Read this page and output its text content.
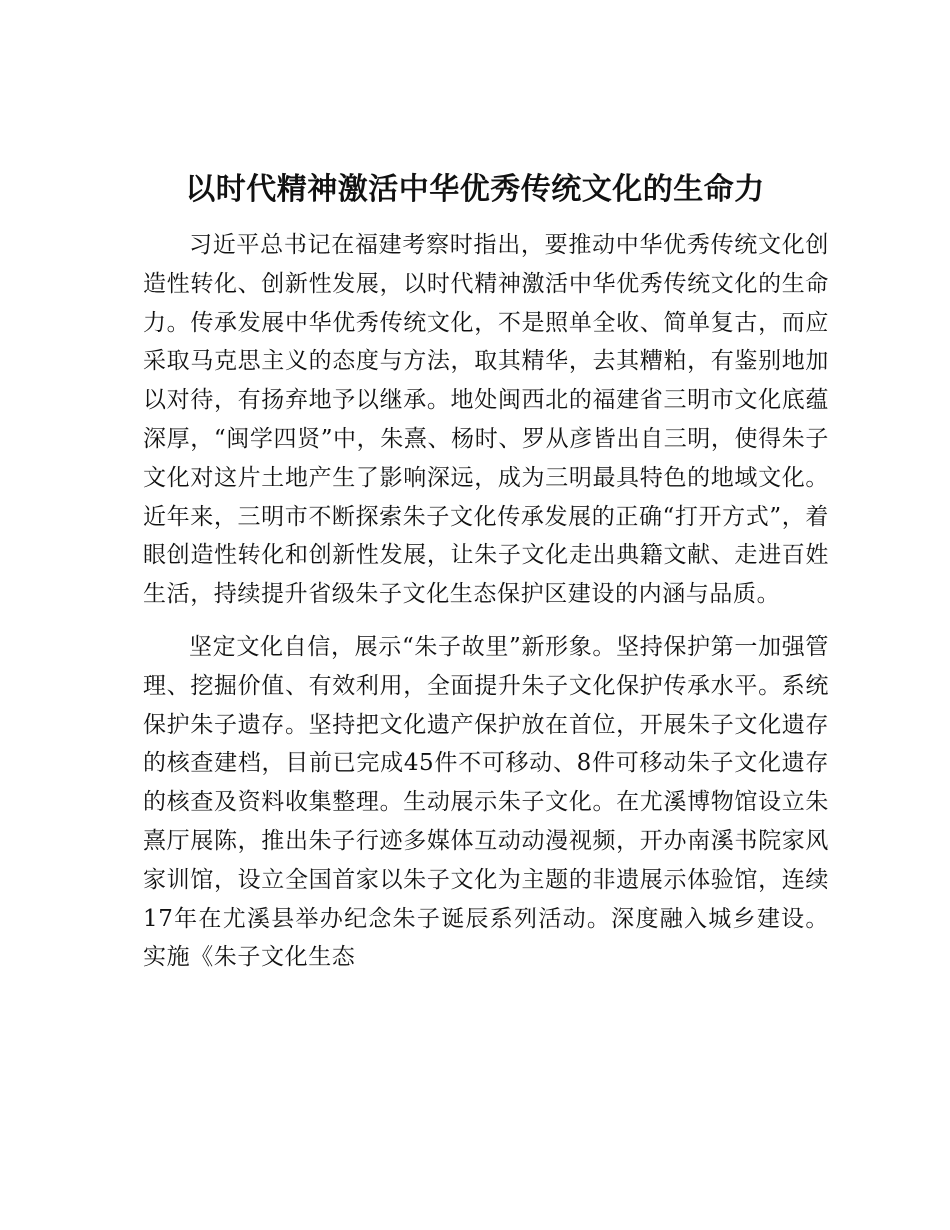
以时代精神激活中华优秀传统文化的生命力

习近平总书记在福建考察时指出，要推动中华优秀传统文化创造性转化、创新性发展，以时代精神激活中华优秀传统文化的生命力。传承发展中华优秀传统文化，不是照单全收、简单复古，而应采取马克思主义的态度与方法，取其精华，去其糟粕，有鉴别地加以对待，有扬弃地予以继承。地处闽西北的福建省三明市文化底蕴深厚，“闽学四贤”中，朱熹、杨时、罗从彦皆出自三明，使得朱子文化对这片土地产生了影响深远，成为三明最具特色的地域文化。近年来，三明市不断探索朱子文化传承发展的正确“打开方式”，着眼创造性转化和创新性发展，让朱子文化走出典籍文献、走进百姓生活，持续提升省级朱子文化生态保护区建设的内涵与品质。

坚定文化自信，展示“朱子故里”新形象。坚持保护第一加强管理、挖掘价值、有效利用，全面提升朱子文化保护传承水平。系统保护朱子遗存。坚持把文化遗产保护放在首位，开展朱子文化遗存的核查建档，目前已完成45件不可移动、8件可移动朱子文化遗存的核查及资料收集整理。生动展示朱子文化。在尤溪博物馆设立朱熹厅展陈，推出朱子行迹多媒体互动动漫视频，开办南溪书院家风家训馆，设立全国首家以朱子文化为主题的非遗展示体验馆，连续17年在尤溪县举办纪念朱子诞辰系列活动。深度融入城乡建设。实施《朱子文化生态
